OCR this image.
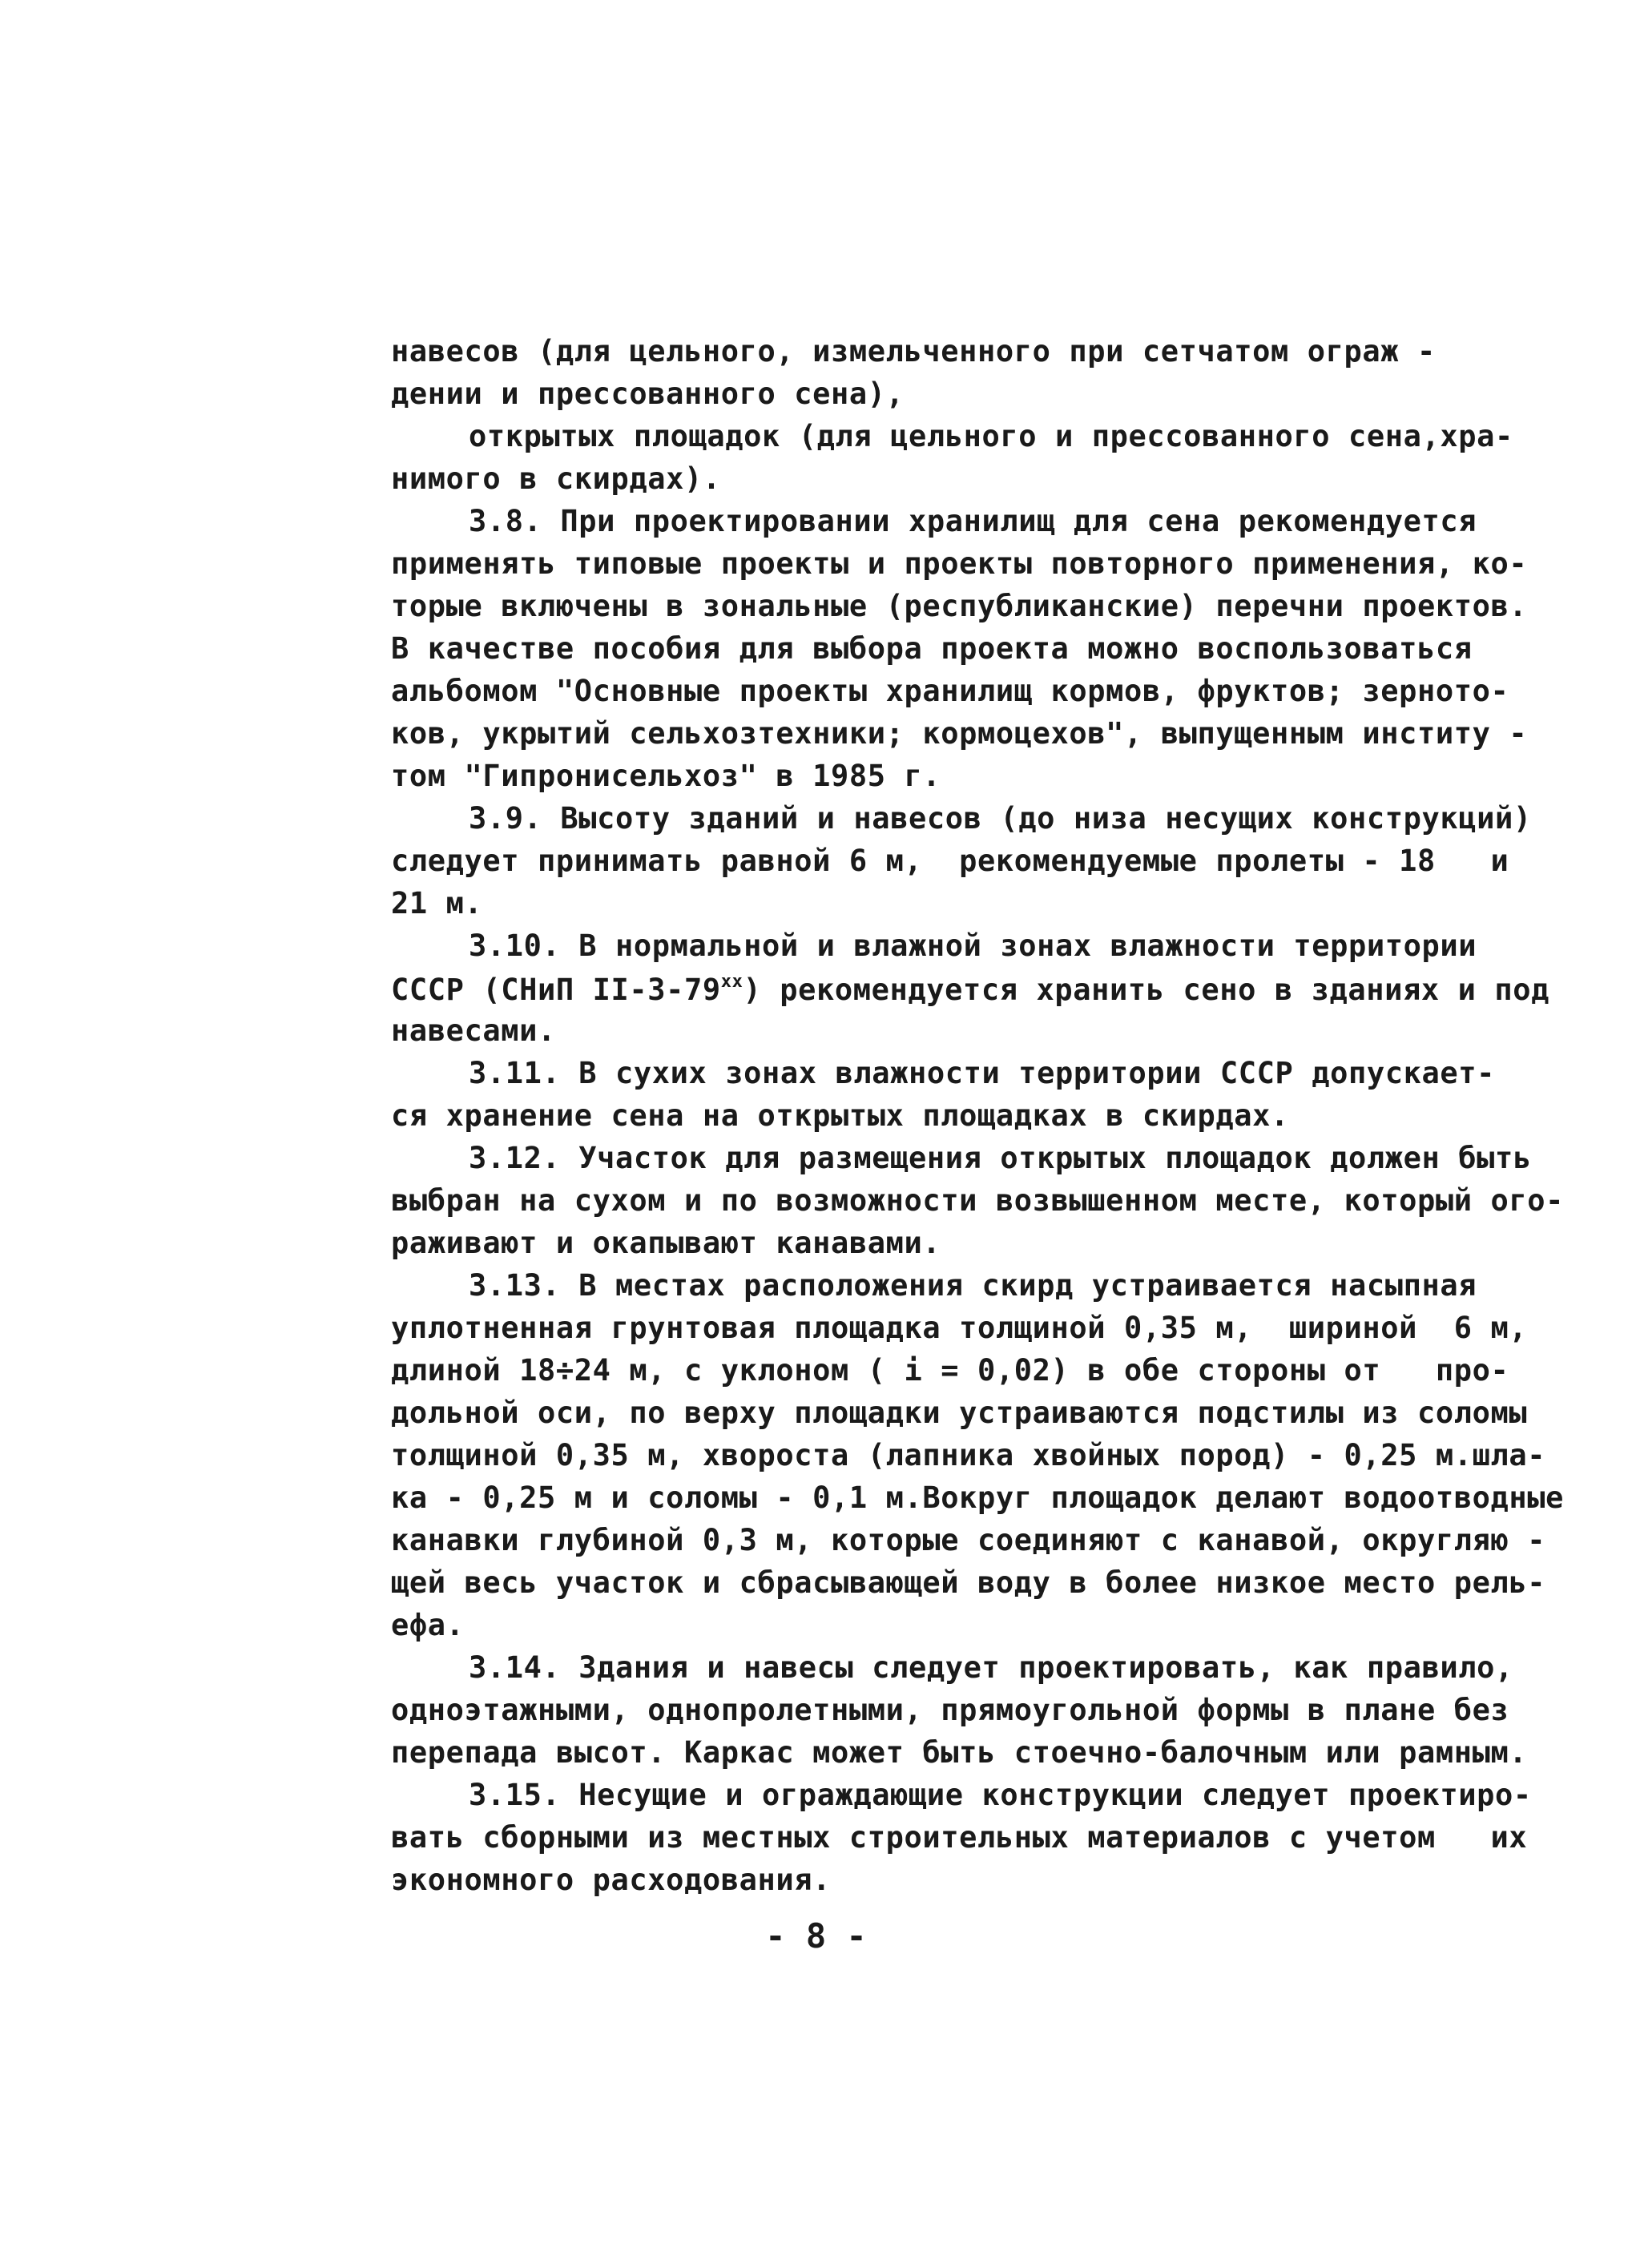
навесов (для цельного, измельченного при сетчатом ограж -
дении и прессованного сена),
открытых площадок (для цельного и прессованного сена,хра-
нимого в скирдах).
3.8. При проектировании хранилищ для сена рекомендуется
применять типовые проекты и проекты повторного применения, ко-
торые включены в зональные (республиканские) перечни проектов.
В качестве пособия для выбора проекта можно воспользоваться
альбомом "Основные проекты хранилищ кормов, фруктов; зерното-
ков, укрытий сельхозтехники; кормоцехов", выпущенным институ -
том "Гипронисельхоз" в 1985 г.
3.9. Высоту зданий и навесов (до низа несущих конструкций)
следует принимать равной 6 м,  рекомендуемые пролеты - 18   и
21 м.
3.10. В нормальной и влажной зонах влажности территории
СССР (СНиП II-3-79$^{xx}$) рекомендуется хранить сено в зданиях и под
навесами.
3.11. В сухих зонах влажности территории СССР допускает-
ся хранение сена на открытых площадках в скирдах.
3.12. Участок для размещения открытых площадок должен быть
выбран на сухом и по возможности возвышенном месте, который ого-
раживают и окапывают канавами.
3.13. В местах расположения скирд устраивается насыпная
уплотненная грунтовая площадка толщиной 0,35 м,  шириной  6 м,
длиной 18÷24 м, с уклоном ( i = 0,02) в обе стороны от   про-
дольной оси, по верху площадки устраиваются подстилы из соломы
толщиной 0,35 м, хвороста (лапника хвойных пород) - 0,25 м.шла-
ка - 0,25 м и соломы - 0,1 м.Вокруг площадок делают водоотводные
канавки глубиной 0,3 м, которые соединяют с канавой, округляю -
щей весь участок и сбрасывающей воду в более низкое место рель-
ефа.
3.14. Здания и навесы следует проектировать, как правило,
одноэтажными, однопролетными, прямоугольной формы в плане без
перепада высот. Каркас может быть стоечно-балочным или рамным.
3.15. Несущие и ограждающие конструкции следует проектиро-
вать сборными из местных строительных материалов с учетом   их
экономного расходования.
- 8 -
